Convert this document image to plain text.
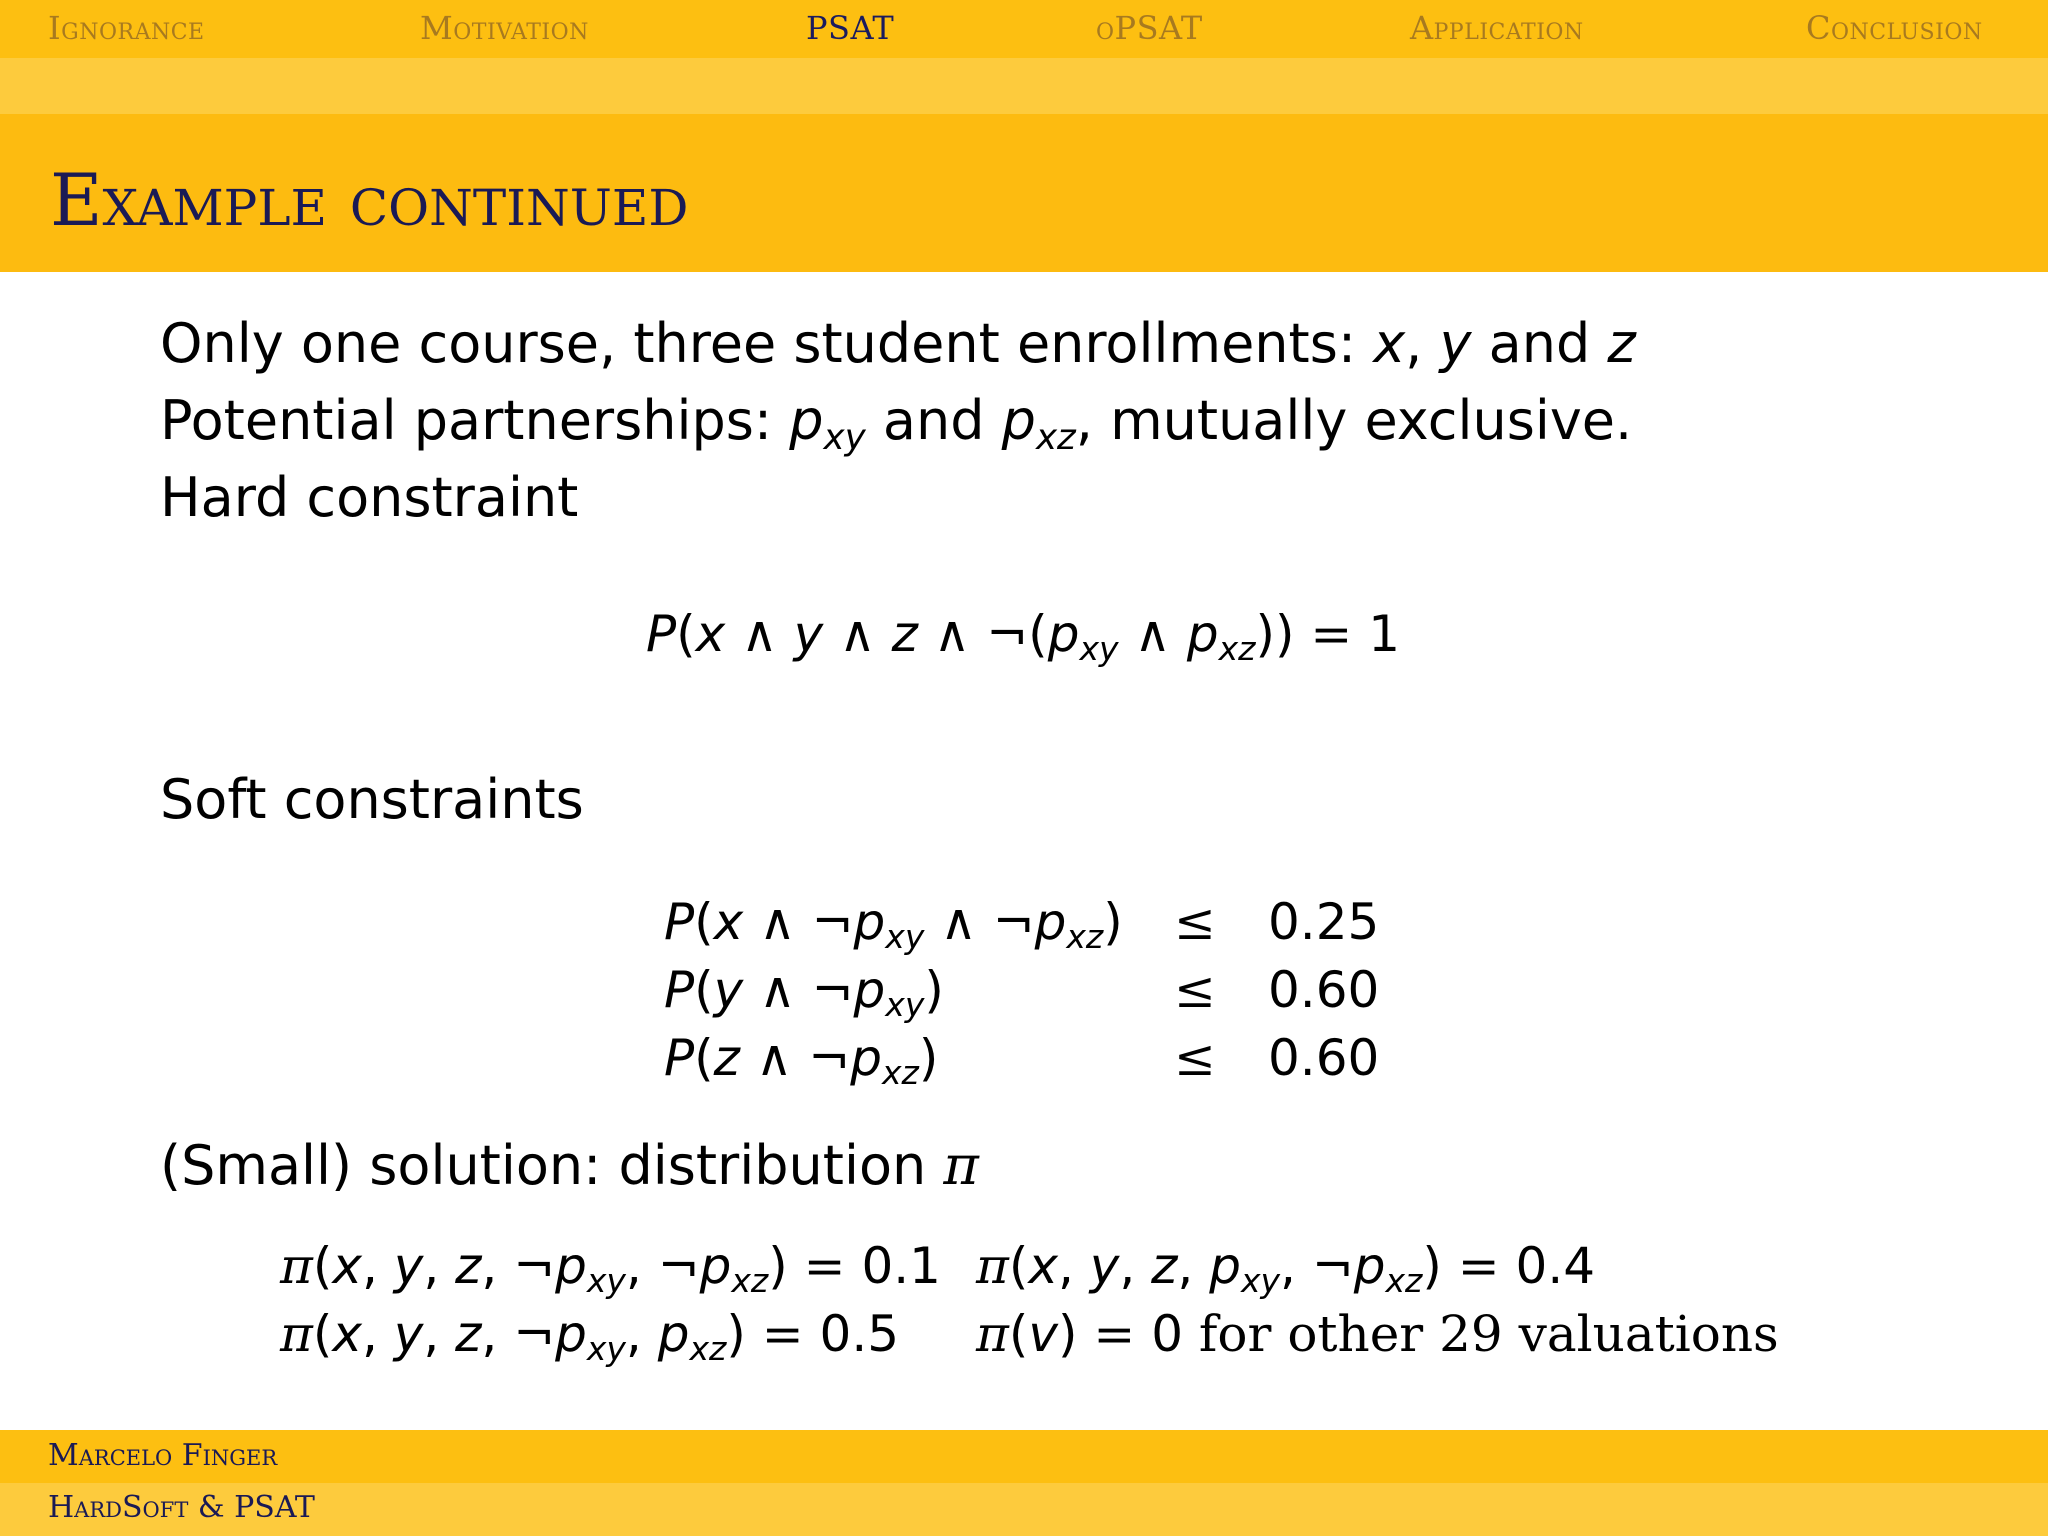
Ignorance	Motivation	PSAT	oPSAT	Application	Conclusion
Example continued
Only one course, three student enrollments: x, y and z
Potential partnerships: $p_{xy}$ and $p_{xz}$, mutually exclusive.
Hard constraint
P(x ∧ y ∧ z ∧ $\neg(p_{xy}$ ∧ $p_{xz})) = 1$
Soft constraints
P(x ∧ $\neg p_{xy}$ ∧ $\neg p_{xz}$)	≤	0.25
P(y ∧ $\neg p_{xy}$)	≤	0.60
P(z ∧ $\neg p_{xz}$)	≤	0.60
(Small) solution: distribution π
π(x, y, z, $\neg p_{xy}$, $\neg p_{xz}) = 0.1$	π(x, y, z, $p_{xy}$, $\neg p_{xz}) = 0.4$
π(x, y, z, $\neg p_{xy}$, $p_{xz}) = 0.5$	π(v) = 0 for other 29 valuations
Marcelo Finger
HardSoft & PSAT
